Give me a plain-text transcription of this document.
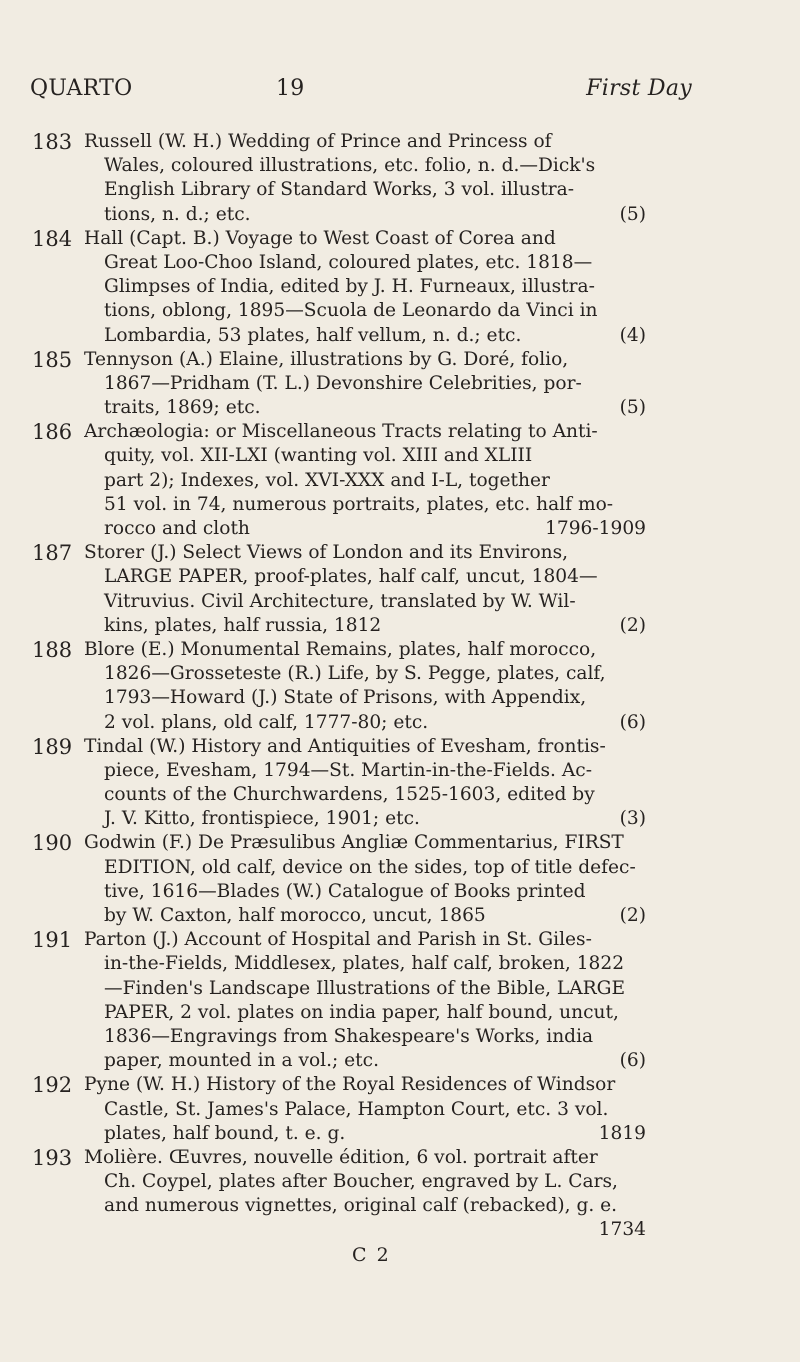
QUARTO	19	First Day
183 Russell (W. H.) Wedding of Prince and Princess of
Wales, coloured illustrations, etc. folio, n. d.—Dick's
English Library of Standard Works, 3 vol. illustra-
(5)
tions, n. d.; etc.
184 Hall (Capt. B.) Voyage to West Coast of Corea and
Great Loo-Choo Island, coloured plates, etc. 1818—
Glimpses of India, edited by J. H. Furneaux, illustra-
tions, oblong, 1895—Scuola de Leonardo da Vinci in
(4)
Lombardia, 53 plates, half vellum, n. d.; etc.
185 Tennyson (A.) Elaine, illustrations by G. Doré, folio,
1867—Pridham (T. L.) Devonshire Celebrities, por-
(5)
traits, 1869; etc.
186 Archæologia: or Miscellaneous Tracts relating to Anti-
quity, vol. XII-LXI (wanting vol. XIII and XLIII
part 2); Indexes, vol. XVI-XXX and I-L, together
51 vol. in 74, numerous portraits, plates, etc. half mo-
1796-1909
rocco and cloth
187 Storer (J.) Select Views of London and its Environs,
LARGE PAPER, proof-plates, half calf, uncut, 1804—
Vitruvius. Civil Architecture, translated by W. Wil-
(2)
kins, plates, half russia, 1812
188 Blore (E.) Monumental Remains, plates, half morocco,
1826—Grosseteste (R.) Life, by S. Pegge, plates, calf,
1793—Howard (J.) State of Prisons, with Appendix,
(6)
2 vol. plans, old calf, 1777-80; etc.
189 Tindal (W.) History and Antiquities of Evesham, frontis-
piece, Evesham, 1794—St. Martin-in-the-Fields. Ac-
counts of the Churchwardens, 1525-1603, edited by
(3)
J. V. Kitto, frontispiece, 1901; etc.
190 Godwin (F.) De Præsulibus Angliæ Commentarius, FIRST
EDITION, old calf, device on the sides, top of title defec-
tive, 1616—Blades (W.) Catalogue of Books printed
(2)
by W. Caxton, half morocco, uncut, 1865
191 Parton (J.) Account of Hospital and Parish in St. Giles-
in-the-Fields, Middlesex, plates, half calf, broken, 1822
—Finden's Landscape Illustrations of the Bible, LARGE
PAPER, 2 vol. plates on india paper, half bound, uncut,
1836—Engravings from Shakespeare's Works, india
(6)
paper, mounted in a vol.; etc.
192 Pyne (W. H.) History of the Royal Residences of Windsor
Castle, St. James's Palace, Hampton Court, etc. 3 vol.
1819
plates, half bound, t. e. g.
193 Molière. Œuvres, nouvelle édition, 6 vol. portrait after
Ch. Coypel, plates after Boucher, engraved by L. Cars,
and numerous vignettes, original calf (rebacked), g. e.
1734
C 2
